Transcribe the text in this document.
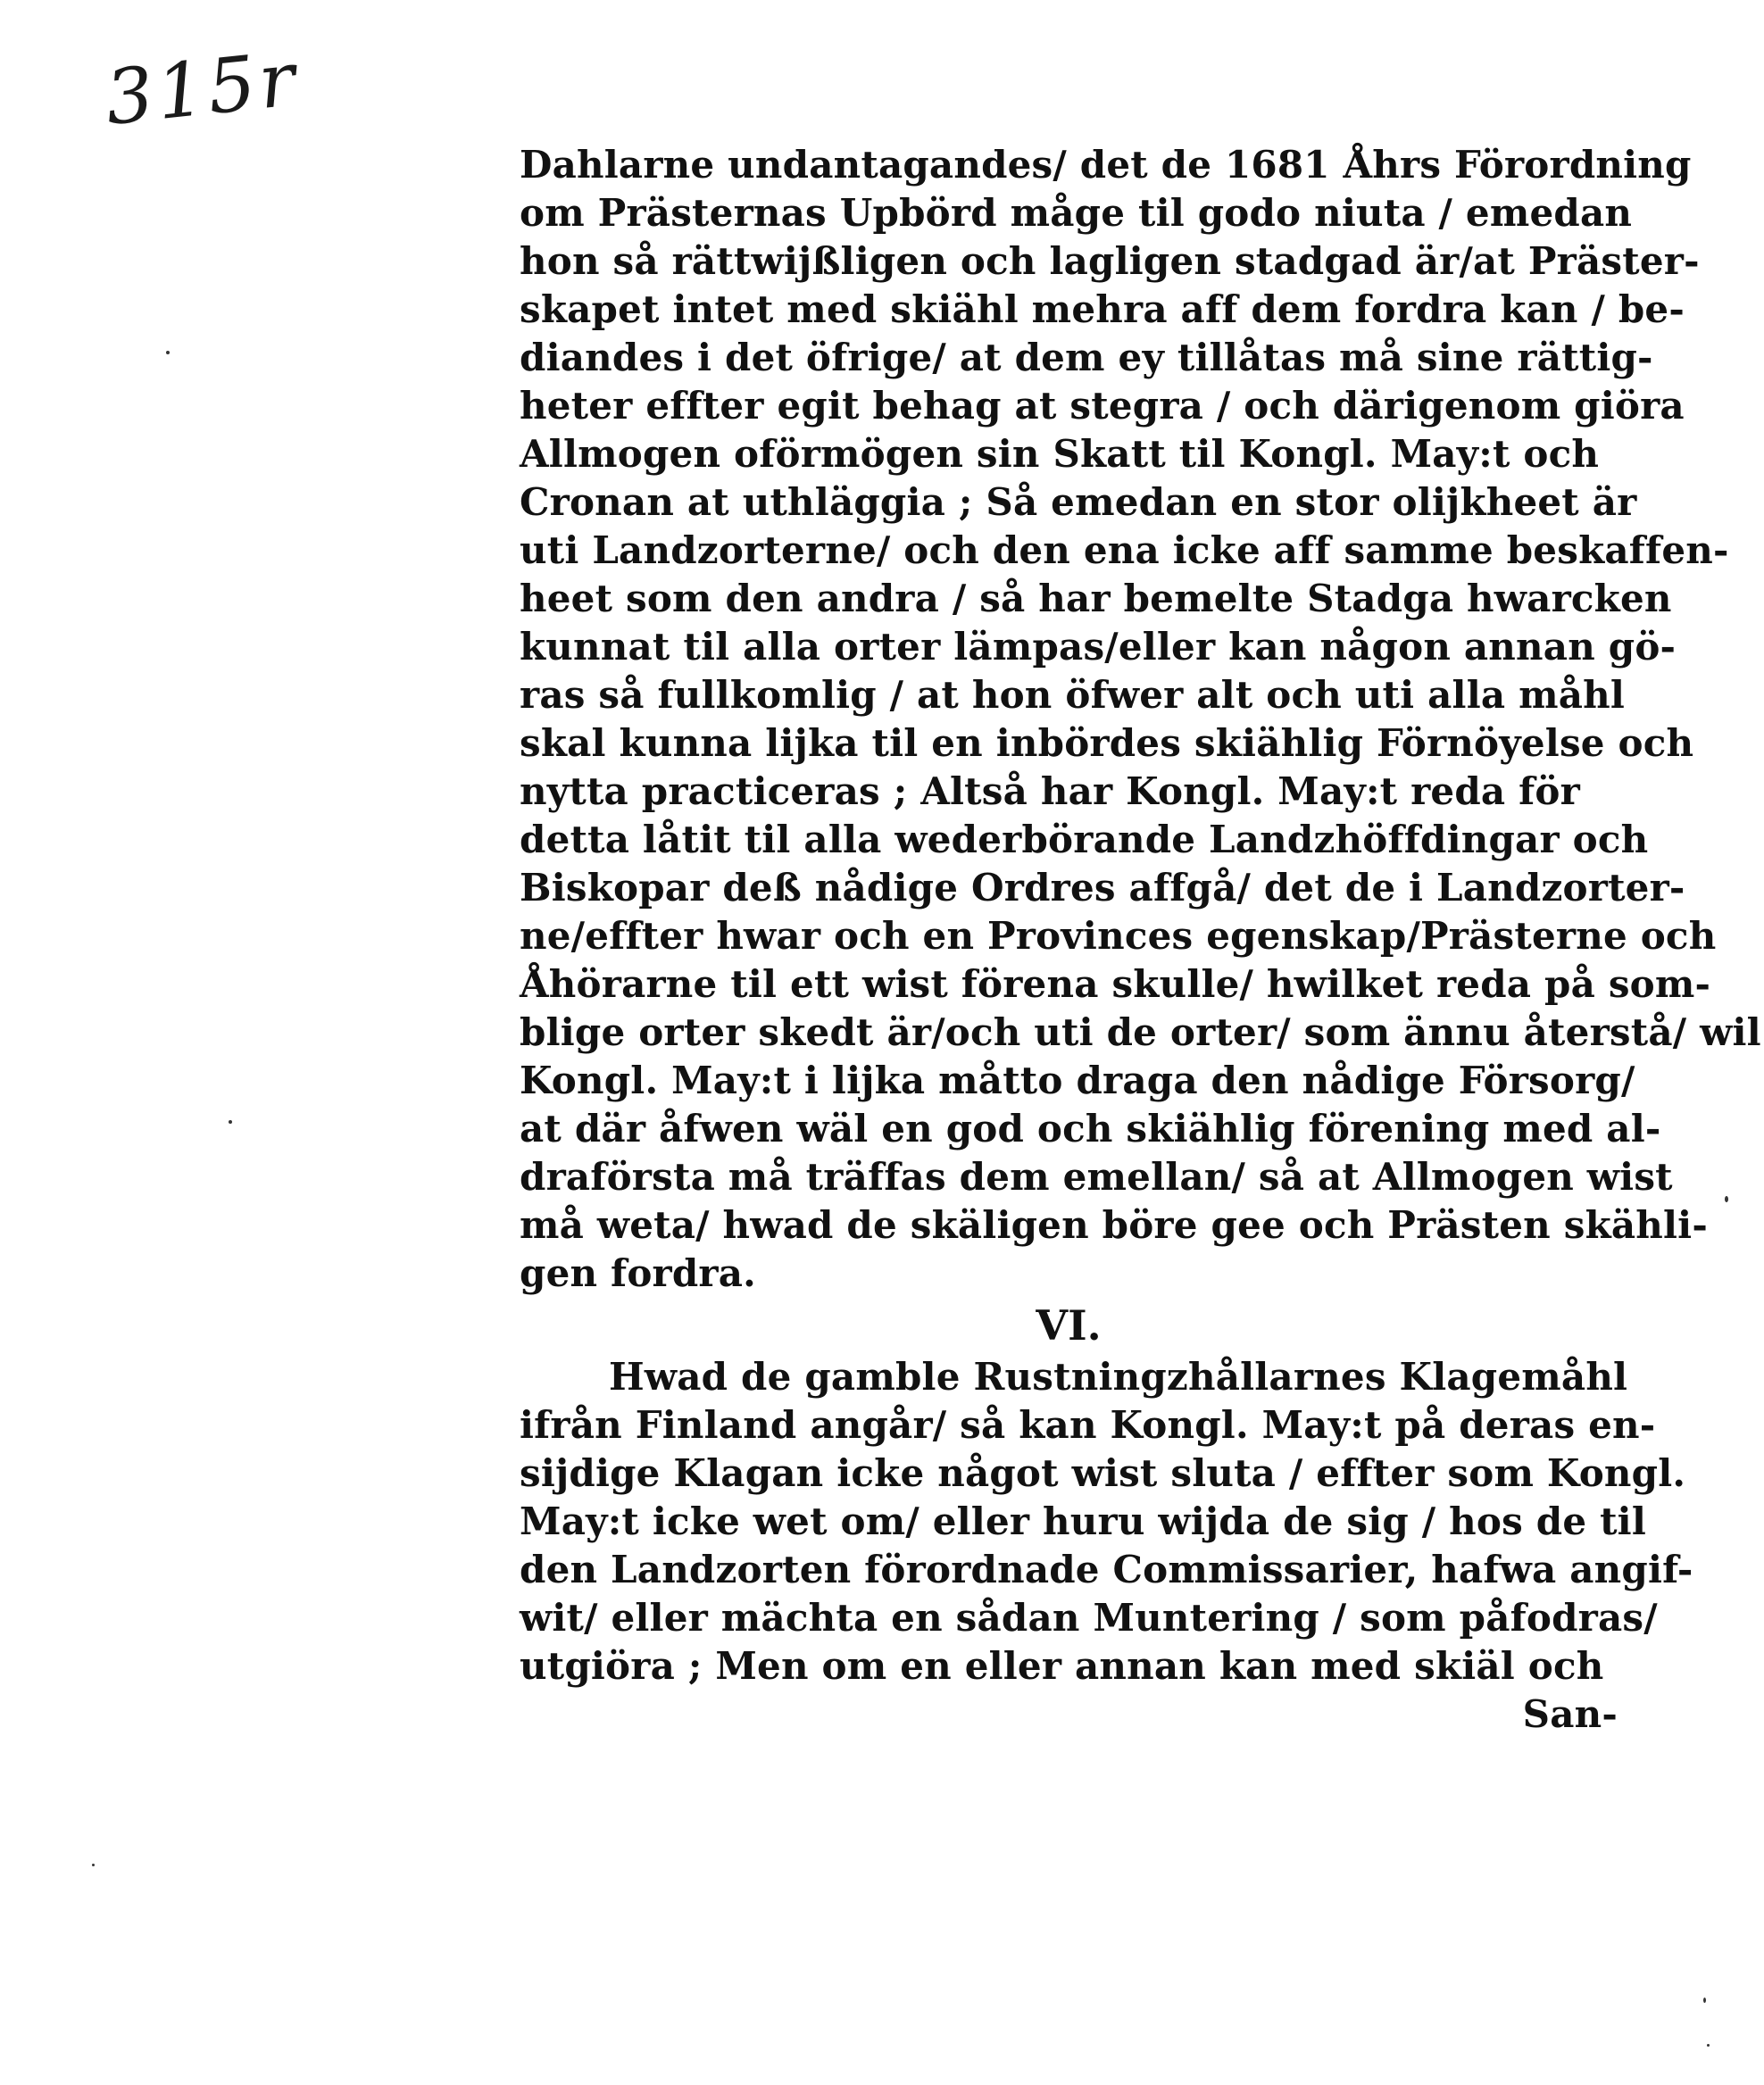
315r
Dahlarne undantagandes/ det de 1681 Åhrs Förordning
om Prästernas Upbörd måge til godo niuta / emedan
hon så rättwijßligen och lagligen stadgad är/at Präster-
skapet intet med skiähl mehra aff dem fordra kan / be-
diandes i det öfrige/ at dem ey tillåtas må sine rättig-
heter effter egit behag at stegra / och därigenom giöra
Allmogen oförmögen sin Skatt til Kongl. May:t och
Cronan at uthläggia ; Så emedan en stor olijkheet är
uti Landzorterne/ och den ena icke aff samme beskaffen-
heet som den andra / så har bemelte Stadga hwarcken
kunnat til alla orter lämpas/eller kan någon annan gö-
ras så fullkomlig / at hon öfwer alt och uti alla måhl
skal kunna lijka til en inbördes skiählig Förnöyelse och
nytta practiceras ; Altså har Kongl. May:t reda för
detta låtit til alla wederbörande Landzhöffdingar och
Biskopar deß nådige Ordres affgå/ det de i Landzorter-
ne/effter hwar och en Provinces egenskap/Prästerne och
Åhörarne til ett wist förena skulle/ hwilket reda på som-
blige orter skedt är/och uti de orter/ som ännu återstå/ wil
Kongl. May:t i lijka måtto draga den nådige Försorg/
at där åfwen wäl en god och skiählig förening med al-
draförsta må träffas dem emellan/ så at Allmogen wist
må weta/ hwad de skäligen böre gee och Prästen skähli-
gen fordra.
VI.
Hwad de gamble Rustningzhållarnes Klagemåhl
ifrån Finland angår/ så kan Kongl. May:t på deras en-
sijdige Klagan icke något wist sluta / effter som Kongl.
May:t icke wet om/ eller huru wijda de sig / hos de til
den Landzorten förordnade Commissarier, hafwa angif-
wit/ eller mächta en sådan Muntering / som påfodras/
utgiöra ; Men om en eller annan kan med skiäl och
San-
